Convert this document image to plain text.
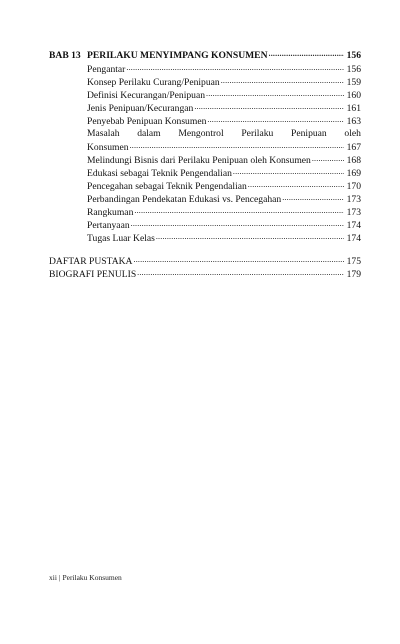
BAB 13 PERILAKU MENYIMPANG KONSUMEN .....	156
Pengantar .....	156
Konsep Perilaku Curang/Penipuan .....	159
Definisi Kecurangan/Penipuan .....	160
Jenis Penipuan/Kecurangan .....	161
Penyebab Penipuan Konsumen .....	163
Masalah dalam Mengontrol Perilaku Penipuan oleh
Konsumen .....	167
Melindungi Bisnis dari Perilaku Penipuan oleh Konsumen .....	168
Edukasi sebagai Teknik Pengendalian .....	169
Pencegahan sebagai Teknik Pengendalian .....	170
Perbandingan Pendekatan Edukasi vs. Pencegahan .....	173
Rangkuman .....	173
Pertanyaan .....	174
Tugas Luar Kelas .....	174
DAFTAR PUSTAKA .....	175
BIOGRAFI PENULIS .....	179
xii | Perilaku Konsumen
